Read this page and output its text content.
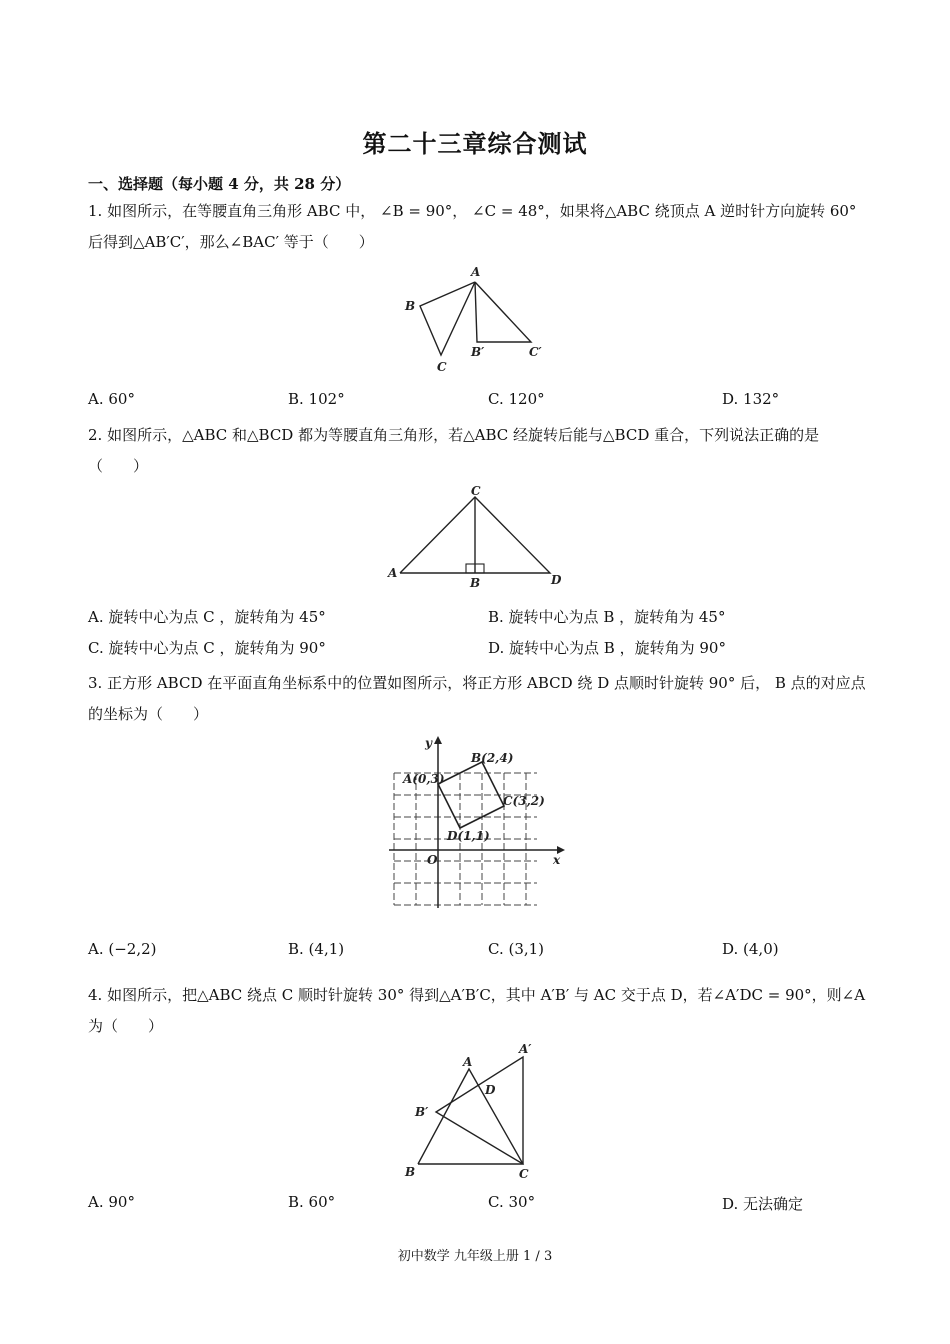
第二十三章综合测试
一、选择题（每小题 4 分，共 28 分）
1. 如图所示，在等腰直角三角形 ABC 中， ∠B = 90°， ∠C = 48°，如果将△ABC 绕顶点 A 逆时针方向旋转 60° 后得到△AB′C′，那么∠BAC′ 等于（　　）
A
B
C
B′	C′
A. 60°	B. 102°	C. 120°	D. 132°
2. 如图所示，△ABC 和△BCD 都为等腰直角三角形，若△ABC 经旋转后能与△BCD 重合，下列说法正确的是（　　）
C
A
B	D
A. 旋转中心为点 C ，旋转角为 45°	B. 旋转中心为点 B ，旋转角为 45°
C. 旋转中心为点 C ，旋转角为 90°	D. 旋转中心为点 B ，旋转角为 90°
3. 正方形 ABCD 在平面直角坐标系中的位置如图所示，将正方形 ABCD 绕 D 点顺时针旋转 90° 后， B 点的对应点的坐标为（　　）
y
x
O
A(0,3)
B(2,4)
C(3,2)
D(1,1)
A. (−2,2)	B. (4,1)	C. (3,1)	D. (4,0)
4. 如图所示，把△ABC 绕点 C 顺时针旋转 30° 得到△A′B′C，其中 A′B′ 与 AC 交于点 D，若∠A′DC = 90°，则∠A 为（　　）
A
A′
D
B′
B	C
A. 90°	B. 60°	C. 30°	D. 无法确定
初中数学 九年级上册 1 / 3
